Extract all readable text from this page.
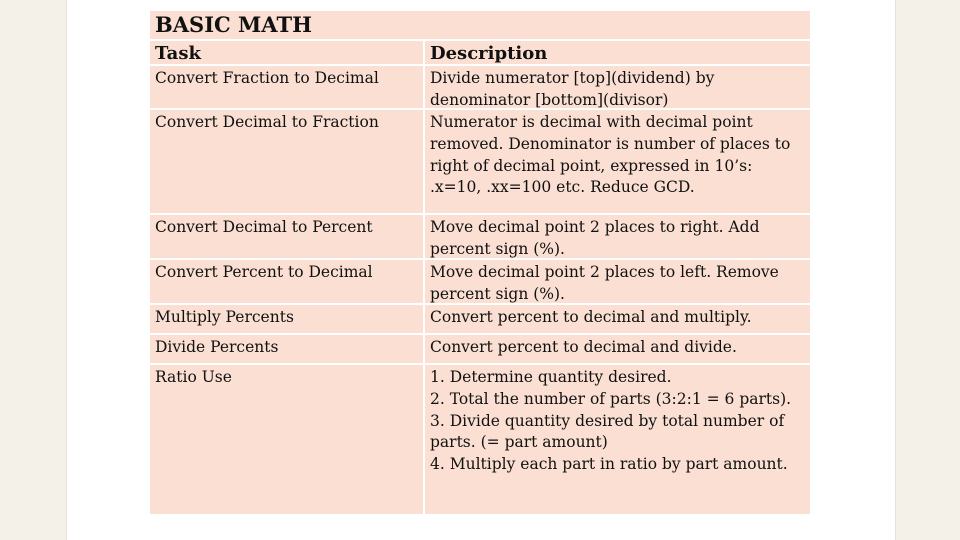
BASIC MATH
Task	Description
Convert Fraction to Decimal	Divide numerator [top](dividend) by denominator [bottom](divisor)
Convert Decimal to Fraction	Numerator is decimal with decimal point removed. Denominator is number of places to right of decimal point, expressed in 10’s: .x=10, .xx=100 etc. Reduce GCD.
Convert Decimal to Percent	Move decimal point 2 places to right. Add percent sign (%).
Convert Percent to Decimal	Move decimal point 2 places to left. Remove percent sign (%).
Multiply Percents	Convert percent to decimal and multiply.
Divide Percents	Convert percent to decimal and divide.
Ratio Use	1. Determine quantity desired.
2. Total the number of parts (3:2:1 = 6 parts).
3. Divide quantity desired by total number of parts. (= part amount)
4. Multiply each part in ratio by part amount.
